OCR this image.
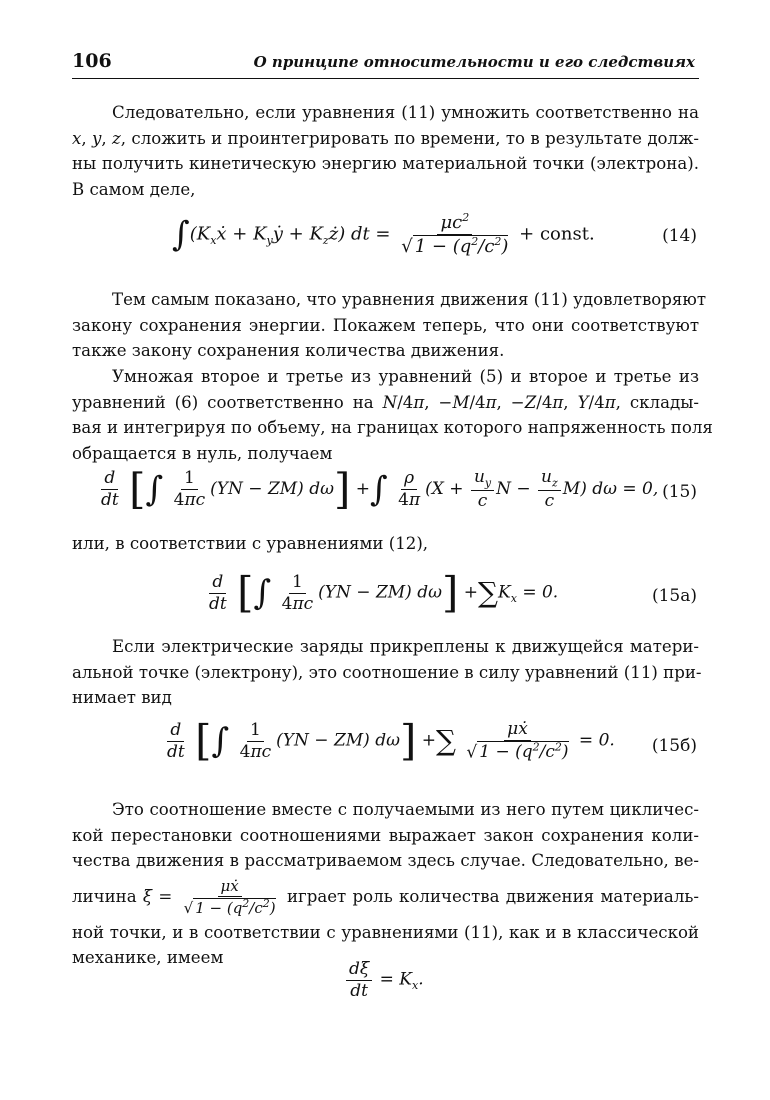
106	О принципе относительности и его следствиях
Следовательно, если уравнения (11) умножить соответственно на
x, y, z, сложить и проинтегрировать по времени, то в результате долж-
ны получить кинетическую энергию материальной точки (электрона).
В самом деле,
$\int(K_xẋ$ + $K_yẏ$ + $K_zż$) dt = $\frac{\mu c^2}{√ 1 - (q^2/c^2)}$ + const.	(14)
Тем самым показано, что уравнения движения (11) удовлетворяют
закону сохранения энергии. Покажем теперь, что они соответствуют
также закону сохранения количества движения.
Умножая второе и третье из уравнений (5) и второе и третье из
уравнений (6) соответственно на N/4π, −M/4π, −Z/4π, Y/4π, склады-
вая и интегрируя по объему, на границах которого напряженность поля
обращается в нуль, получаем
$\frac{d}{dt}$ [∫ $\frac{1}{4\pi c} (YN - ZM)$ dω] +∫ $\frac{\rho}{4\pi} (X + \frac{u_y}{c}$ $N - \frac{u_z}{c} M$) dω = 0, (15)
или, в соответствии с уравнениями (12),
$\frac{d}{dt}$ [∫ $\frac{1}{4\pi c} (YN - ZM)$ $d\omega] +\sum K_x = 0$.	(15a)
Если электрические заряды прикреплены к движущейся матери-
альной точке (электрону), это соотношение в силу уравнений (11) при-
нимает вид
$\frac{d}{dt}$ [∫ $\frac{1}{4\pi c} (YN - ZM)$ dω] +∑ $\frac{\text{μẋ}}{√ 1 - (q^2/c^2)} = 0$. (15б)
Это соотношение вместе с получаемыми из него путем цикличес-
кой перестановки соотношениями выражает закон сохранения коли-
чества движения в рассматриваемом здесь случае. Следовательно, ве-
личина $\xi = \frac{\text{μẋ}}{√ 1 - (q^2/c^2)}$ играет роль количества движения материаль-
ной точки, и в соответствии с уравнениями (11), как и в классической
механике, имеем
$\frac{d\xi}{dt} = K_x$.
